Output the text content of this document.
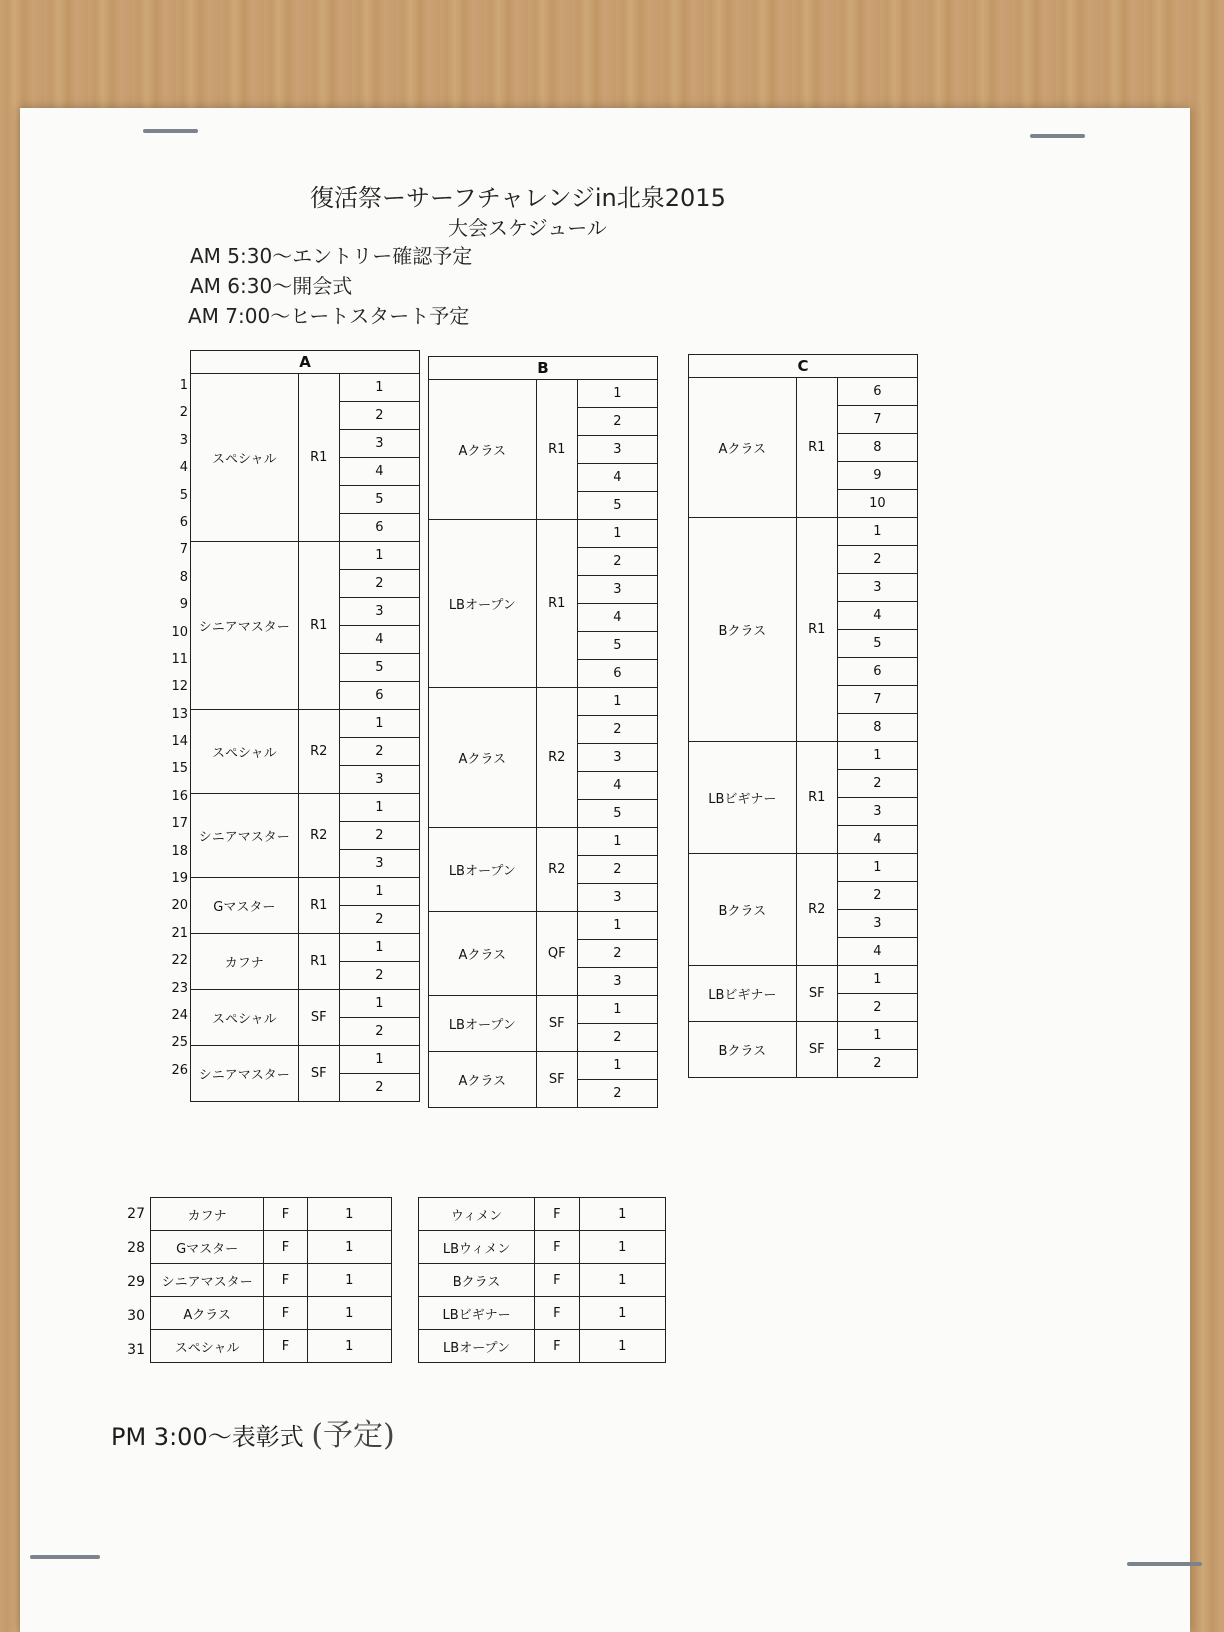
復活祭ーサーフチャレンジin北泉2015
大会スケジュール
AM 5:30～エントリー確認予定
AM 6:30～開会式
AM 7:00～ヒートスタート予定
1
2
3
4
5
6
7
8
9
10
11
12
13
14
15
16
17
18
19
20
21
22
23
24
25
26
A		
スペシャル	R1	1
		2
		3
		4
		5
		6
シニアマスター	R1	1
		2
		3
		4
		5
		6
スペシャル	R2	1
		2
		3
シニアマスター	R2	1
		2
		3
Gマスター	R1	1
		2
カフナ	R1	1
		2
スペシャル	SF	1
		2
シニアマスター	SF	1
		2
B		
Aクラス	R1	1
		2
		3
		4
		5
LBオープン	R1	1
		2
		3
		4
		5
		6
Aクラス	R2	1
		2
		3
		4
		5
LBオープン	R2	1
		2
		3
Aクラス	QF	1
		2
		3
LBオープン	SF	1
		2
Aクラス	SF	1
		2
C		
Aクラス	R1	6
		7
		8
		9
		10
Bクラス	R1	1
		2
		3
		4
		5
		6
		7
		8
LBビギナー	R1	1
		2
		3
		4
Bクラス	R2	1
		2
		3
		4
LBビギナー	SF	1
		2
Bクラス	SF	1
		2
27
28
29
30
31
カフナ	F	1
Gマスター	F	1
シニアマスター	F	1
Aクラス	F	1
スペシャル	F	1
ウィメン	F	1
LBウィメン	F	1
Bクラス	F	1
LBビギナー	F	1
LBオープン	F	1
PM 3:00～表彰式 (予定)
